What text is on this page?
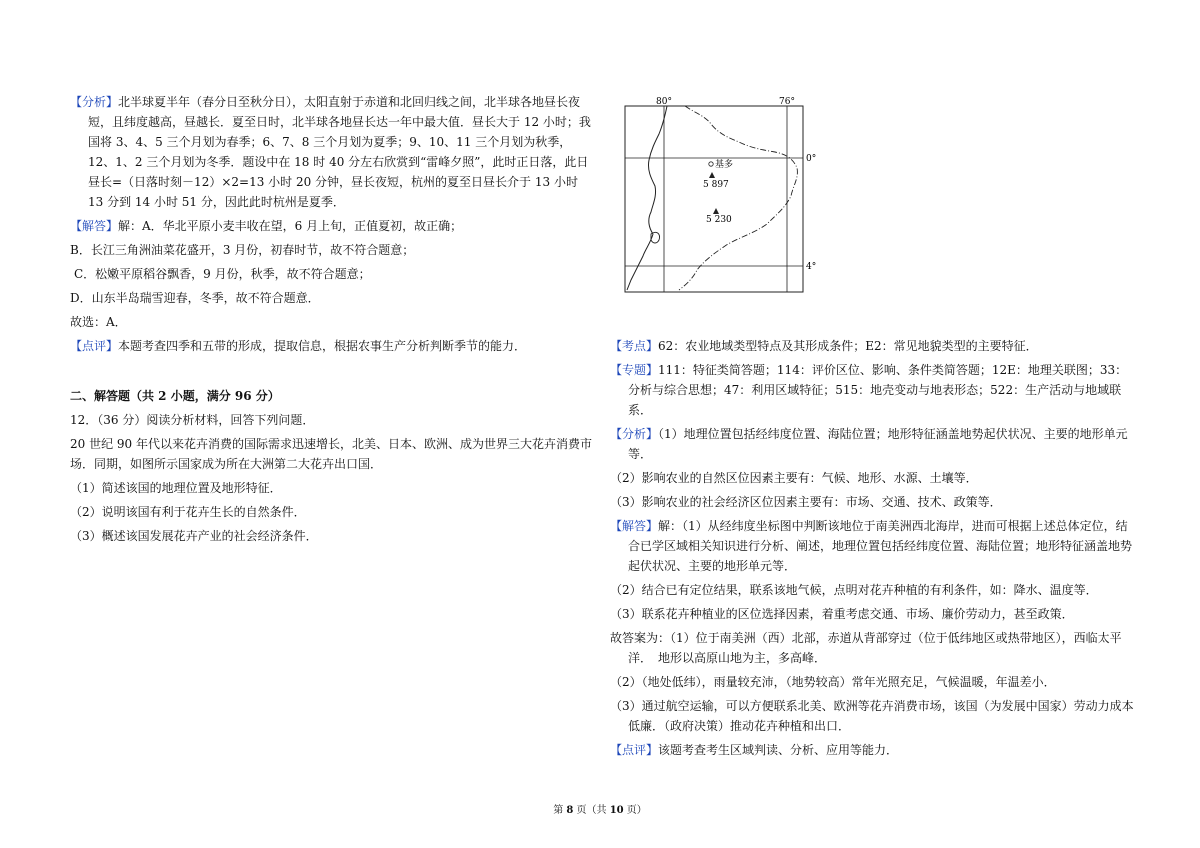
【分析】北半球夏半年（春分日至秋分日），太阳直射于赤道和北回归线之间，北半球各地昼长夜短，且纬度越高，昼越长．夏至日时，北半球各地昼长达一年中最大值．昼长大于 12 小时；我国将 3、4、5 三个月划为春季；6、7、8 三个月划为夏季；9、10、11 三个月划为秋季，12、1、2 三个月划为冬季．题设中在 18 时 40 分左右欣赏到“雷峰夕照”，此时正日落，此日昼长=（日落时刻－12）×2=13 小时 20 分钟，昼长夜短，杭州的夏至日昼长介于 13 小时 13 分到 14 小时 51 分，因此此时杭州是夏季．

【解答】解：A．华北平原小麦丰收在望，6 月上旬，正值夏初，故正确；

B．长江三角洲油菜花盛开，3 月份，初春时节，故不符合题意；

C．松嫩平原稻谷飘香，9 月份，秋季，故不符合题意；

D．山东半岛瑞雪迎春，冬季，故不符合题意．

故选：A．

【点评】本题考查四季和五带的形成，提取信息，根据农事生产分析判断季节的能力．

二、解答题（共 2 小题，满分 96 分）

12．（36 分）阅读分析材料，回答下列问题．

20 世纪 90 年代以来花卉消费的国际需求迅速增长，北美、日本、欧洲、成为世界三大花卉消费市场．同期，如图所示国家成为所在大洲第二大花卉出口国．

（1）简述该国的地理位置及地形特征．

（2）说明该国有利于花卉生长的自然条件．

（3）概述该国发展花卉产业的社会经济条件．

80°	76°
0°
4°
基多
5 897
5 230

【考点】62：农业地域类型特点及其形成条件；E2：常见地貌类型的主要特征．

【专题】111：特征类简答题；114：评价区位、影响、条件类简答题；12E：地理关联图；33：分析与综合思想；47：利用区域特征；515：地壳变动与地表形态；522：生产活动与地域联系．

【分析】（1）地理位置包括经纬度位置、海陆位置；地形特征涵盖地势起伏状况、主要的地形单元等．

（2）影响农业的自然区位因素主要有：气候、地形、水源、土壤等．

（3）影响农业的社会经济区位因素主要有：市场、交通、技术、政策等．

【解答】解：（1）从经纬度坐标图中判断该地位于南美洲西北海岸，进而可根据上述总体定位，结合已学区域相关知识进行分析、阐述，地理位置包括经纬度位置、海陆位置；地形特征涵盖地势起伏状况、主要的地形单元等．

（2）结合已有定位结果，联系该地气候，点明对花卉种植的有利条件，如：降水、温度等．

（3）联系花卉种植业的区位选择因素，着重考虑交通、市场、廉价劳动力，甚至政策．

故答案为：（1）位于南美洲（西）北部，赤道从背部穿过（位于低纬地区或热带地区），西临太平洋．　地形以高原山地为主，多高峰．

（2）（地处低纬），雨量较充沛，（地势较高）常年光照充足，气候温暖，年温差小．

（3）通过航空运输，可以方便联系北美、欧洲等花卉消费市场，该国（为发展中国家）劳动力成本低廉．（政府决策）推动花卉种植和出口．

【点评】该题考查考生区域判读、分析、应用等能力．

第 8 页（共 10 页）
